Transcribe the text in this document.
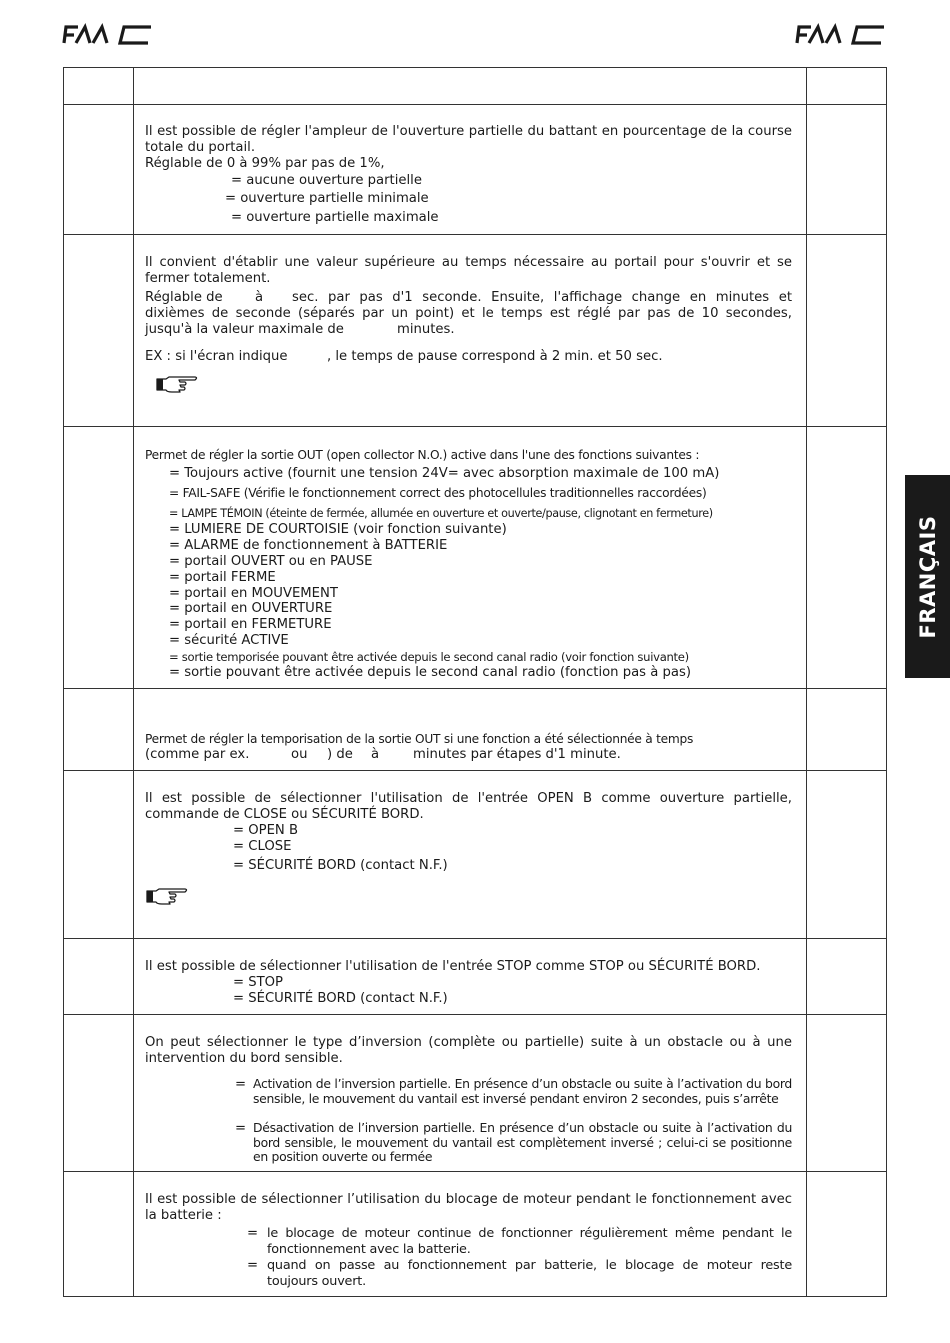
Il est possible de régler l'ampleur de l'ouverture partielle du battant en pourcentage de la course totale du portail.

Réglable de 0 à 99% par pas de 1%,

= aucune ouverture partielle

= ouverture partielle minimale

= ouverture partielle maximale

Il convient d'établir une valeur supérieure au temps nécessaire au portail pour s'ouvrir et se fermer totalement.

Réglable de	à	sec. par pas d'1 seconde. Ensuite, l'affichage change en minutes et dixièmes de seconde (séparés par un point) et le temps est réglé par pas de 10 secondes, jusqu'à la valeur maximale de	minutes.

EX : si l'écran indique	, le temps de pause correspond à 2 min. et 50 sec.

Permet de régler la sortie OUT (open collector N.O.) active dans l'une des fonctions suivantes :

= Toujours active (fournit une tension 24V= avec absorption maximale de 100 mA)

= FAIL-SAFE (Vérifie le fonctionnement correct des photocellules traditionnelles raccordées)

= LAMPE TÉMOIN (éteinte de fermée, allumée en ouverture et ouverte/pause, clignotant en fermeture)

= LUMIERE DE COURTOISIE (voir fonction suivante)

= ALARME de fonctionnement à BATTERIE

= portail OUVERT ou en PAUSE

= portail FERME

= portail en MOUVEMENT

= portail en OUVERTURE

= portail en FERMETURE

= sécurité ACTIVE

= sortie temporisée pouvant être activée depuis le second canal radio (voir fonction suivante)

= sortie pouvant être activée depuis le second canal radio (fonction pas à pas)

Permet de régler la temporisation de la sortie OUT si une fonction a été sélectionnée à temps

(comme par ex.	ou	) de	à	minutes par étapes d'1 minute.

Il est possible de sélectionner l'utilisation de l'entrée OPEN B comme ouverture partielle, commande de CLOSE ou SÉCURITÉ BORD.

= OPEN B

= CLOSE

= SÉCURITÉ BORD (contact N.F.)

Il est possible de sélectionner l'utilisation de l'entrée STOP comme STOP ou SÉCURITÉ BORD.

= STOP

= SÉCURITÉ BORD (contact N.F.)

On peut sélectionner le type d’inversion (complète ou partielle) suite à un obstacle ou à une intervention du bord sensible.

= Activation de l’inversion partielle. En présence d’un obstacle ou suite à l’activation du bord sensible, le mouvement du vantail est inversé pendant environ 2 secondes, puis s’arrête

= Désactivation de l’inversion partielle. En présence d’un obstacle ou suite à l’activation du bord sensible, le mouvement du vantail est complètement inversé ; celui-ci se positionne en position ouverte ou fermée

Il est possible de sélectionner l’utilisation du blocage de moteur pendant le fonctionnement avec la batterie :

= le blocage de moteur continue de fonctionner régulièrement même pendant le fonctionnement avec la batterie.

= quand on passe au fonctionnement par batterie, le blocage de moteur reste toujours ouvert.

FRANÇAIS
